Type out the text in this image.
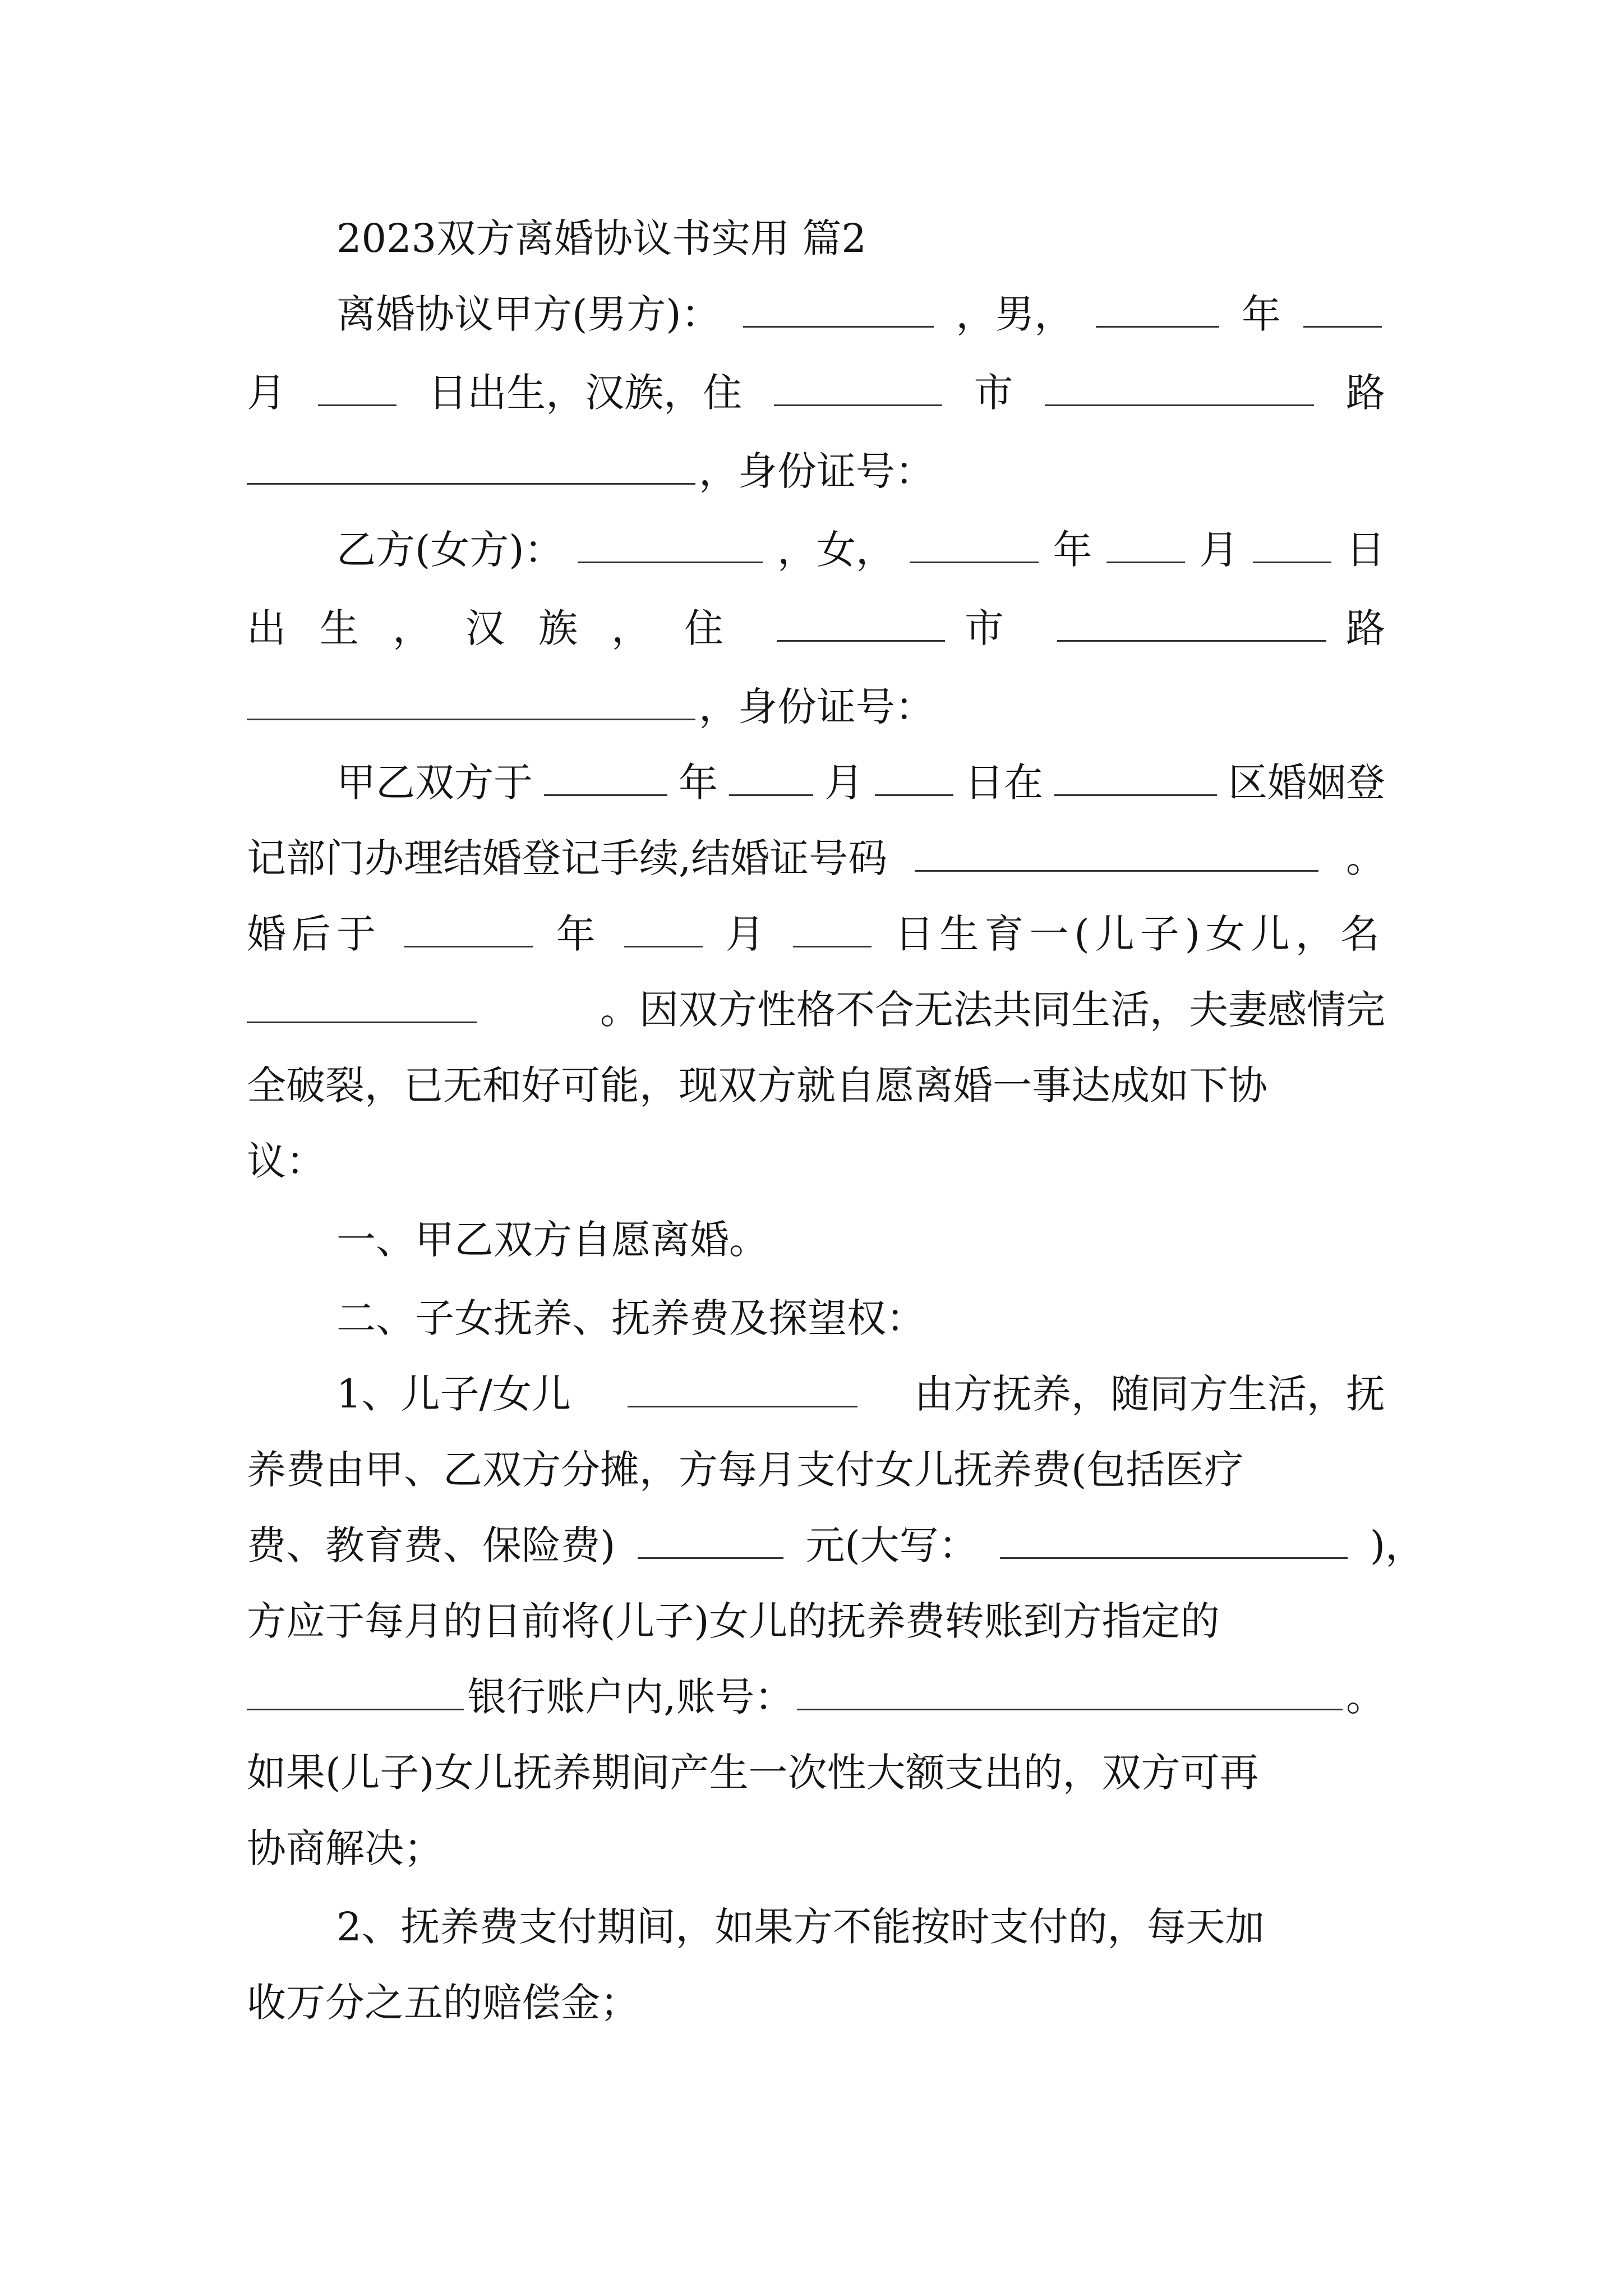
2023双方离婚协议书实用 篇2
离婚协议甲方(男方)：	，男，	年
月	日出生，汉族，住	市	路
，身份证号：
乙方(女方)：	，女，	年	月	日
出生，汉族，住	市	路
，身份证号：
甲乙双方于	年	月	日在	区婚姻登
记部门办理结婚登记手续,结婚证号码	。
婚后于	年	月	日生育一(儿子)女儿，名
。因双方性格不合无法共同生活，夫妻感情完
全破裂，已无和好可能，现双方就自愿离婚一事达成如下协
议：
一、甲乙双方自愿离婚。
二、子女抚养、抚养费及探望权：
1、儿子/女儿	由方抚养，随同方生活，抚
养费由甲、乙双方分摊，方每月支付女儿抚养费(包括医疗
费、教育费、保险费)	元(大写：	)，
方应于每月的日前将(儿子)女儿的抚养费转账到方指定的
银行账户内,账号：	。
如果(儿子)女儿抚养期间产生一次性大额支出的，双方可再
协商解决；
2、抚养费支付期间，如果方不能按时支付的，每天加
收万分之五的赔偿金；
